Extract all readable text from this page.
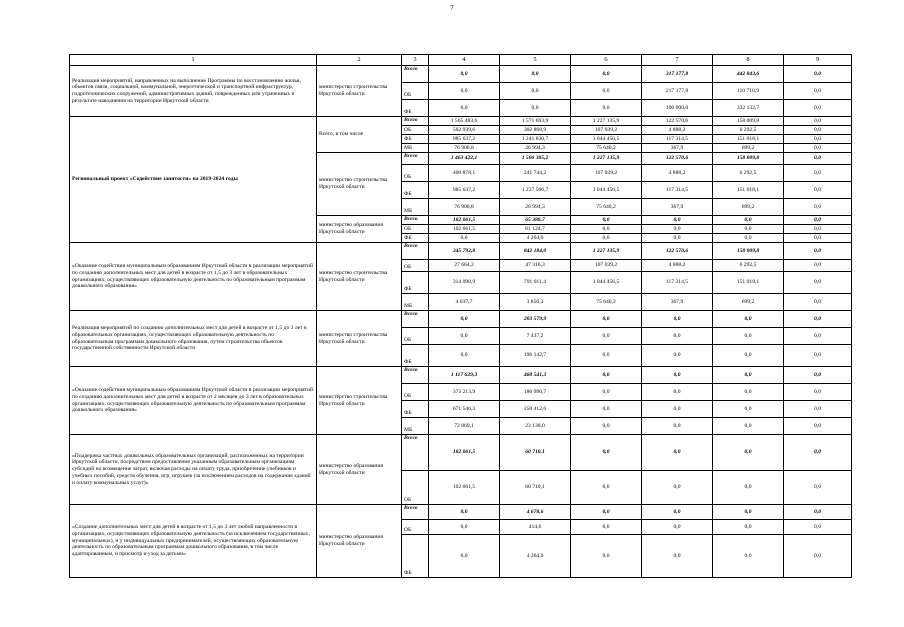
7
1	2	3	4	5	6	7	8	9
Реализация мероприятий, направленных на выполнение Программы по восстановлению жилья, объектов связи, социальной, коммунальной, энергетической и транспортной инфраструктур, гидротехнических сооружений, административных зданий, поврежденных или утраченных в результате наводнения на территории Иркутской области	министерство строительства Иркутской области	Всего	0,0	0,0	0,0	317 177,8	442 843,6	0,0
		ОБ	0,0	0,0	0,0	217 177,8	110 710,9	0,0
		ФБ	0,0	0,0	0,0	100 000,0	332 132,7	0,0
Региональный проект «Содействие занятости» на 2019-2024 годы	Всего, в том числе	Всего	1 565 483,6	1 571 693,9	1 227 135,9	122 570,6	158 009,8	0,0
		ОБ	502 939,6	302 868,9	107 039,2	4 888,2	6 292,5	0,0
		ФБ	985 637,2	1 241 830,7	1 044 456,5	117 314,5	151 018,1	0,0
		МБ	76 906,8	26 994,3	75 640,2	367,9	699,2	0,0
	министерство строительства Иркутской области	Всего	1 463 422,1	1 506 305,2	1 227 135,9	122 570,6	158 009,8	0,0
		ОБ	400 878,1	241 744,2	107 039,2	4 888,2	6 292,5	0,0
		ФБ	985 637,2	1 237 566,7	1 044 456,5	117 314,5	151 018,1	0,0
		МБ	76 906,8	26 994,3	75 640,2	367,9	699,2	0,0
	министерство образования Иркутской области	Всего	102 061,5	65 388,7	0,0	0,0	0,0	0,0
		ОБ	102 061,5	61 124,7	0,0	0,0	0,0	0,0
		ФБ	0,0	4 264,0	0,0	0,0	0,0	0,0
«Оказание содействия муниципальным образованиям Иркутской области в реализации мероприятий по созданию дополнительных мест для детей в возрасте от 1,5 до 3 лет в образовательных организациях, осуществляющих образовательную деятельность по образовательным программам дошкольного образования»	министерство строительства Иркутской области	Всего	345 792,8	842 184,0	1 227 135,9	122 570,6	158 009,8	0,0
		ОБ	27 664,2	47 316,3	107 039,2	4 888,2	6 292,5	0,0
		ФБ	314 090,9	791 011,4	1 044 456,5	117 314,5	151 018,1	0,0
		МБ	4 037,7	3 856,3	75 640,2	367,9	699,2	0,0
Реализация мероприятий по созданию дополнительных мест для детей в возрасте от 1,5 до 3 лет в образовательных организациях, осуществляющих образовательную деятельность по образовательным программам дошкольного образования, путем строительства объектов государственной собственности Иркутской области	министерство строительства Иркутской области	Всего	0,0	203 579,9	0,0	0,0	0,0	0,0
		ОБ	0,0	7 437,2	0,0	0,0	0,0	0,0
		ФБ	0,0	196 142,7	0,0	0,0	0,0	0,0
«Оказание содействия муниципальным образованиям Иркутской области в реализации мероприятий по созданию дополнительных мест для детей в возрасте от 2 месяцев до 3 лет в образовательных организациях, осуществляющих образовательную деятельность по образовательным программам дошкольного образования»	министерство строительства Иркутской области	Всего	1 117 629,3	460 541,3	0,0	0,0	0,0	0,0
		ОБ	373 213,9	186 990,7	0,0	0,0	0,0	0,0
		ФБ	671 546,3	250 412,6	0,0	0,0	0,0	0,0
		МБ	72 869,1	23 138,0	0,0	0,0	0,0	0,0
«Поддержка частных дошкольных образовательных организаций, расположенных на территории Иркутской области, посредством предоставления указанным образовательным организациям субсидий на возмещение затрат, включая расходы на оплату труда, приобретение учебников и учебных пособий, средств обучения, игр, игрушек (за исключением расходов на содержание зданий и оплату коммунальных услуг)»	министерство образования Иркутской области	Всего	102 061,5	60 710,1	0,0	0,0	0,0	0,0
		ОБ	102 061,5	60 710,1	0,0	0,0	0,0	0,0
«Создание дополнительных мест для детей в возрасте от 1,5 до 3 лет любой направленности в организациях, осуществляющих образовательную деятельность (за исключением государственных, муниципальных), и у индивидуальных предпринимателей, осуществляющих образовательную деятельность по образовательным программам дошкольного образования, в том числе адаптированным, и присмотр и уход за детьми»	министерство образования Иркутской области	Всего	0,0	4 678,6	0,0	0,0	0,0	0,0
		ОБ	0,0	414,6	0,0	0,0	0,0	0,0
		ФБ	0,0	4 264,0	0,0	0,0	0,0	0,0
